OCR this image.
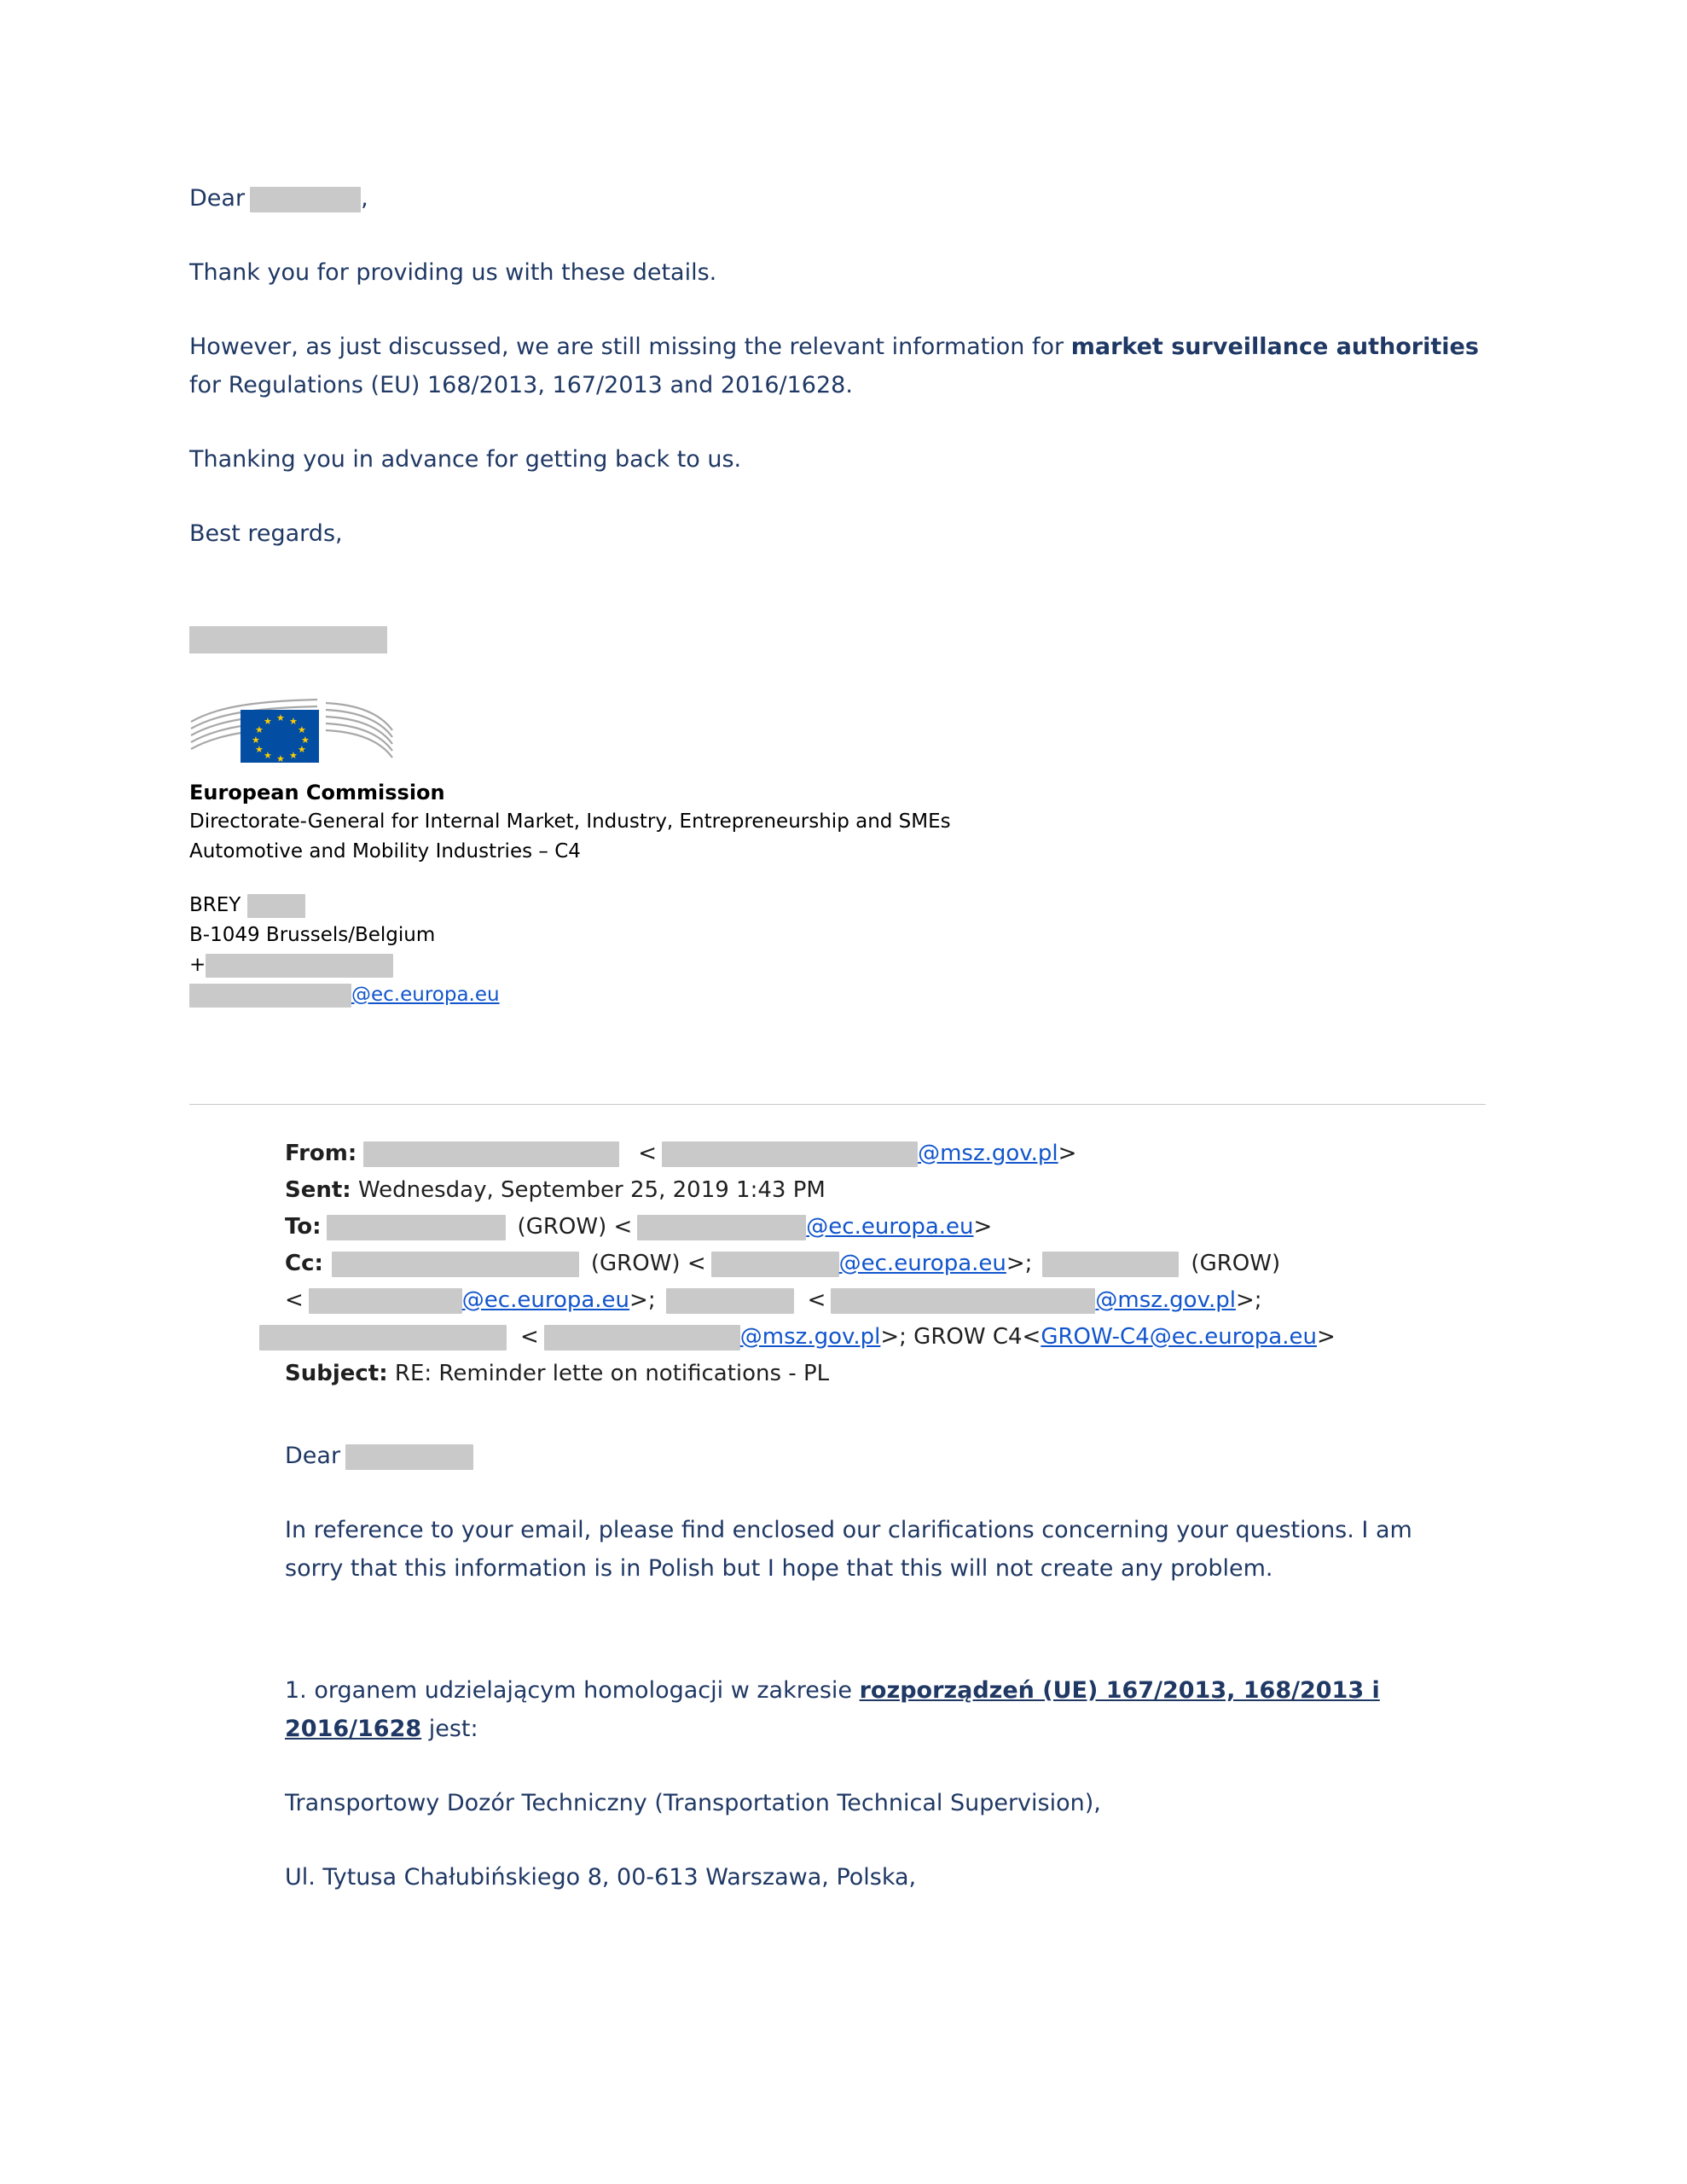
Dear	,

Thank you for providing us with these details.

However, as just discussed, we are still missing the relevant information for market surveillance authorities for Regulations (EU) 168/2013, 167/2013 and 2016/1628.

Thanking you in advance for getting back to us.

Best regards,

★ ★
★
★
★
★
★
★
★
★
★
★

European Commission

Directorate-General for Internal Market, Industry, Entrepreneurship and SMEs

Automotive and Mobility Industries – C4

BREY

B-1049 Brussels/Belgium

+

@ec.europa.eu

From:	<	@msz.gov.pl>

Sent: Wednesday, September 25, 2019 1:43 PM

To:	(GROW) <	@ec.europa.eu>

Cc:	(GROW) <	@ec.europa.eu>;	(GROW)
<	@ec.europa.eu>;	<	@msz.gov.pl>;
<	@msz.gov.pl>; GROW C4<GROW-C4@ec.europa.eu>

Subject: RE: Reminder lette on notifications - PL

Dear

In reference to your email, please find enclosed our clarifications concerning your questions. I am sorry that this information is in Polish but I hope that this will not create any problem.

1. organem udzielającym homologacji w zakresie rozporządzeń (UE) 167/2013, 168/2013 i 2016/1628 jest:

Transportowy Dozór Techniczny (Transportation Technical Supervision),

Ul. Tytusa Chałubińskiego 8, 00-613 Warszawa, Polska,
